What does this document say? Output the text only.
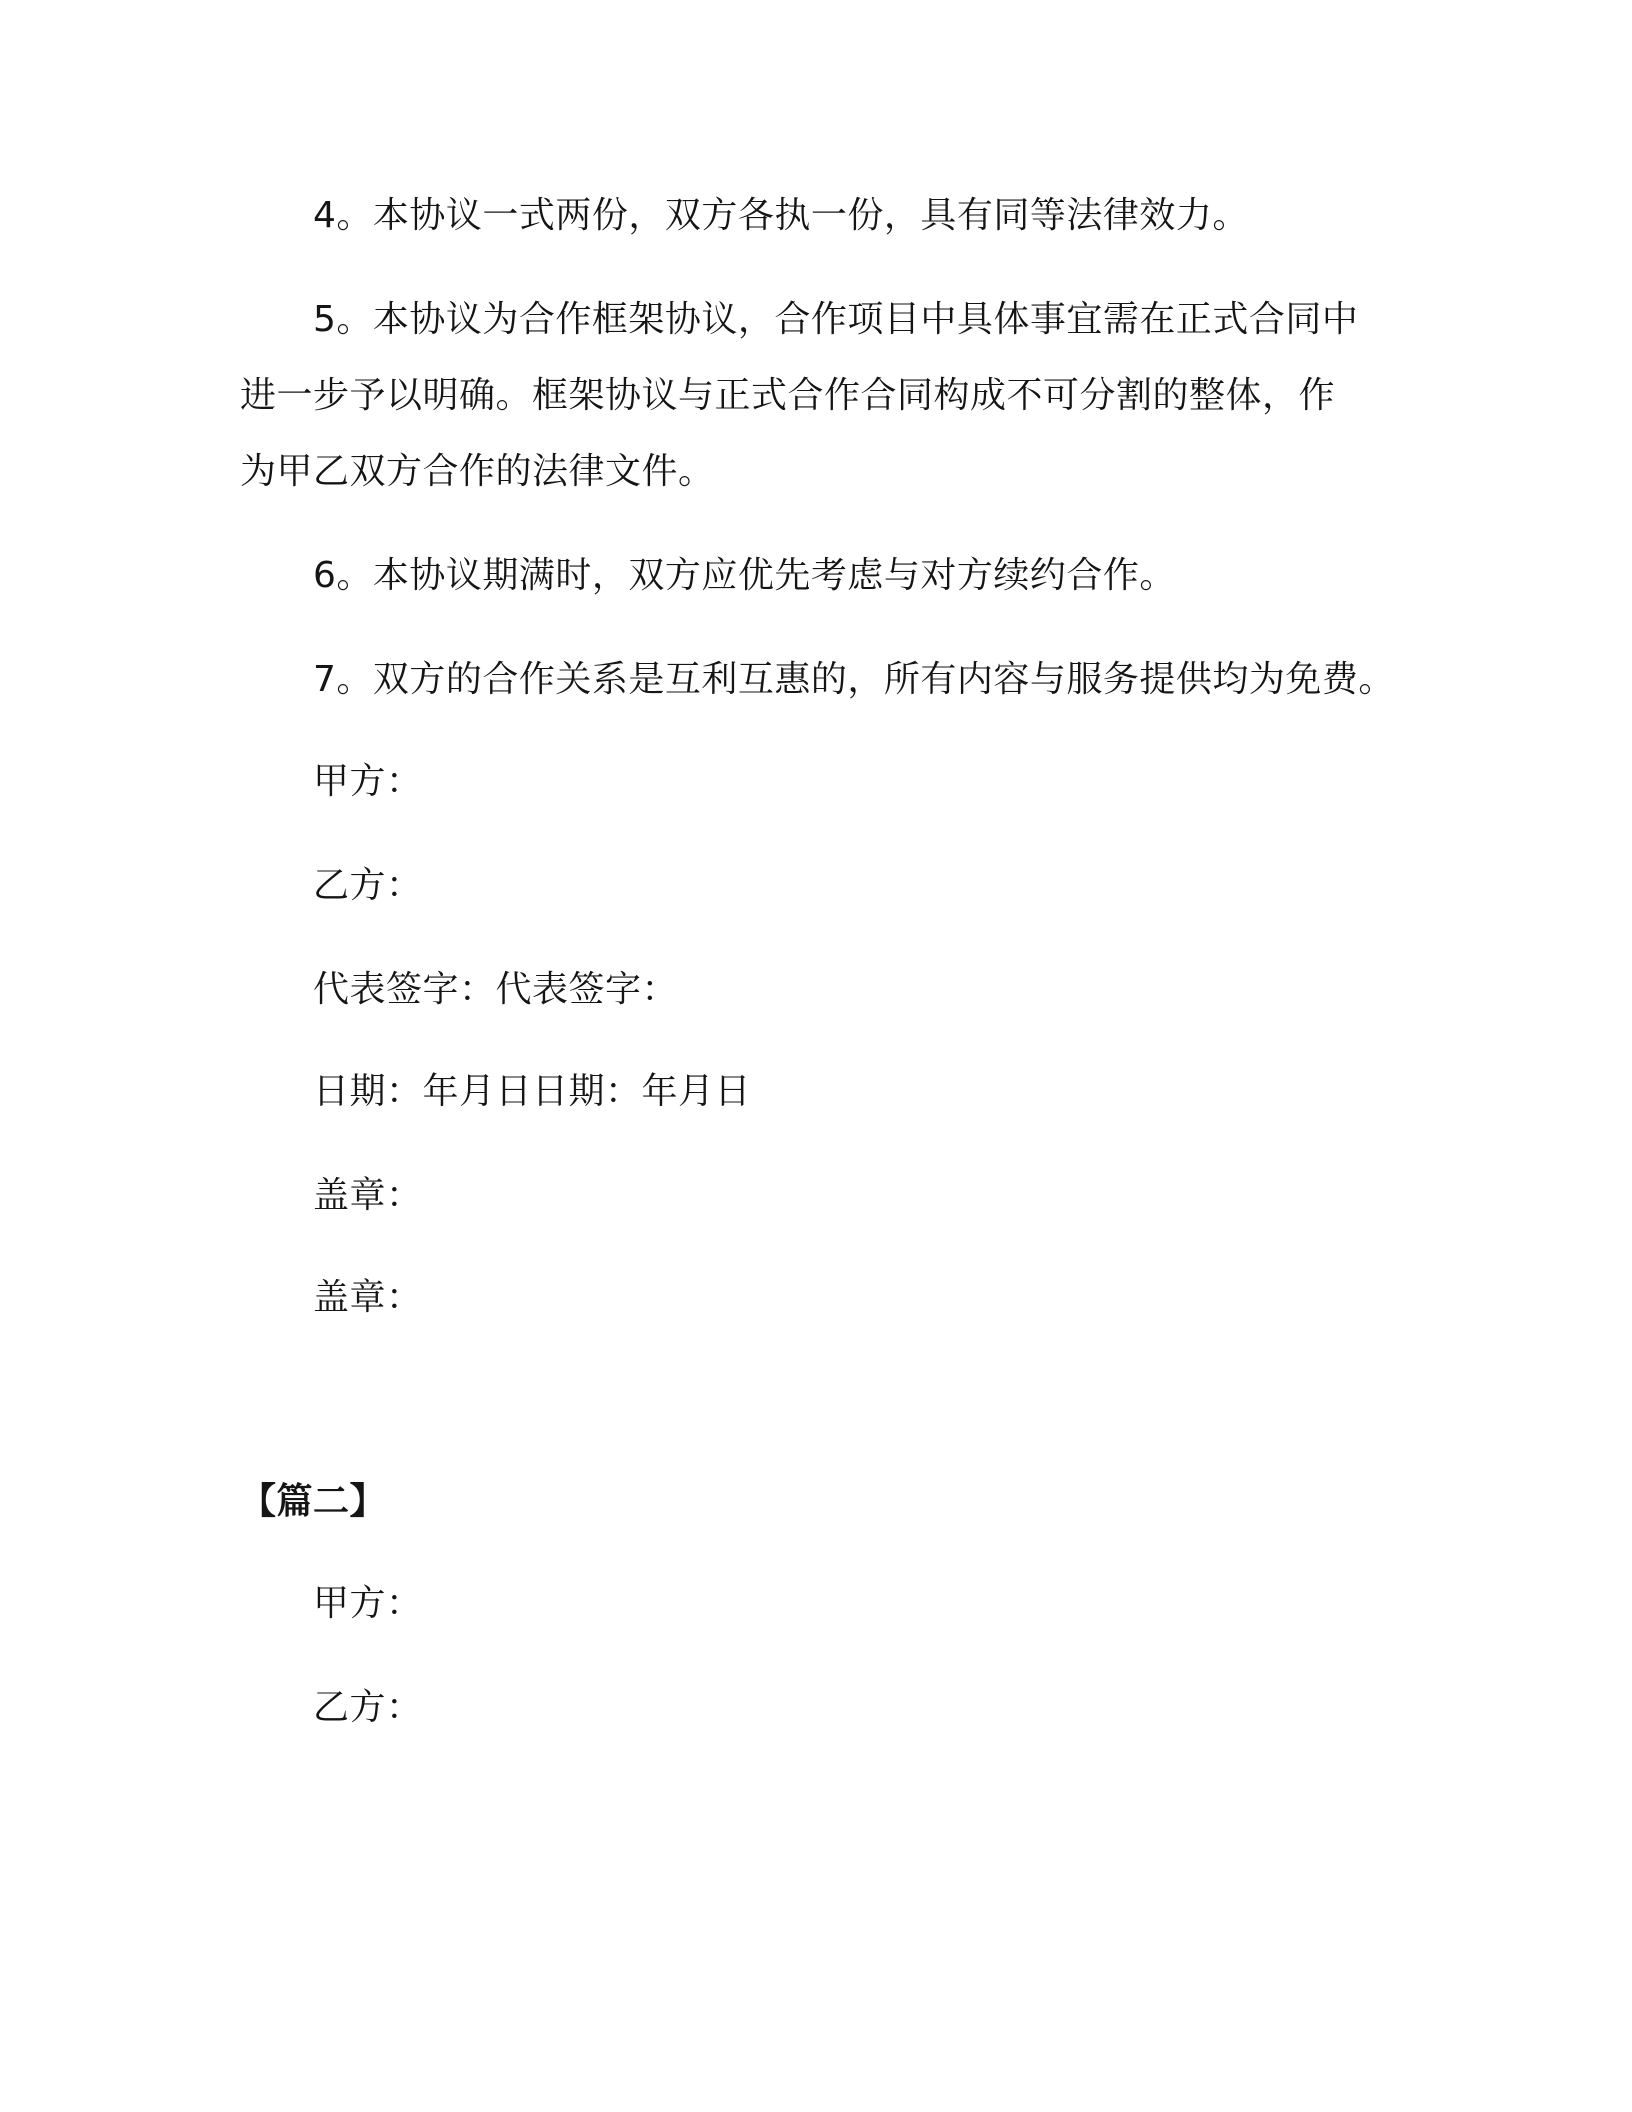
4。本协议一式两份，双方各执一份，具有同等法律效力。

5。本协议为合作框架协议，合作项目中具体事宜需在正式合同中

进一步予以明确。框架协议与正式合作合同构成不可分割的整体，作

为甲乙双方合作的法律文件。

6。本协议期满时，双方应优先考虑与对方续约合作。

7。双方的合作关系是互利互惠的，所有内容与服务提供均为免费。

甲方：

乙方：

代表签字：代表签字：

日期：年月日日期：年月日

盖章：

盖章：

【篇二】

甲方：

乙方：
